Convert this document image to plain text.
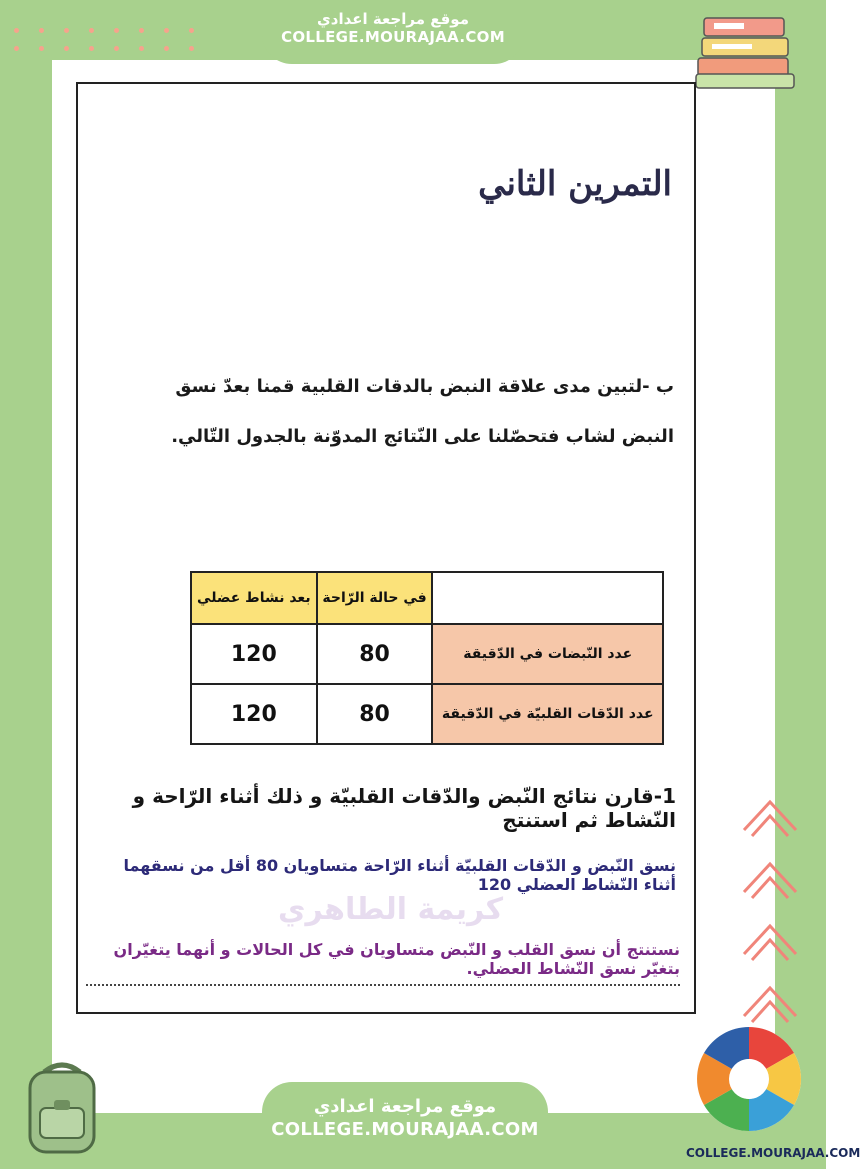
موقع مراجعة اعدادي
COLLEGE.MOURAJAA.COM
التمرين الثاني
ب -لتبين مدى علاقة النبض بالدقات القلبية قمنا بعدّ نسق النبض لشاب فتحصّلنا على النّتائج المدوّنة بالجدول التّالي.
بعد نشاط عضلي	في حالة الرّاحة	
120	80	عدد النّبضات في الدّقيقة
120	80	عدد الدّقات القلبيّة في الدّقيقة
1-قارن نتائج النّبض والدّقات القلبيّة و ذلك أثناء الرّاحة و النّشاط ثم استنتج
نسق النّبض و الدّقات القلبيّة أثناء الرّاحة متساويان 80 أقل من نسقهما أثناء النّشاط العضلي 120
كريمة الطاهري
نستنتج أن نسق القلب و النّبض متساويان في كل الحالات و أنهما يتغيّران بتغيّر نسق النّشاط العضلي.
موقع مراجعة اعدادي
COLLEGE.MOURAJAA.COM
COLLEGE.MOURAJAA.COM
